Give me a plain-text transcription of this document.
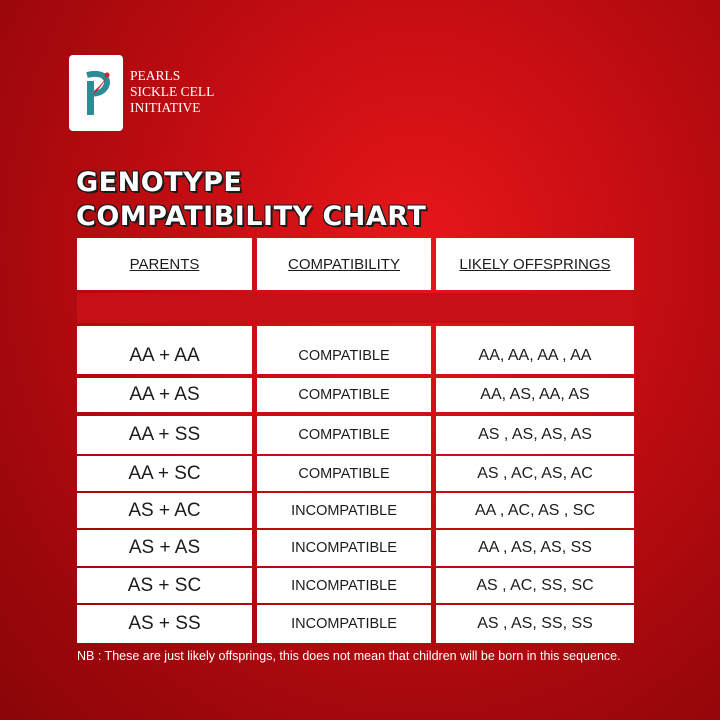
PEARLS
SICKLE CELL
INITIATIVE
GENOTYPE
COMPATIBILITY CHART
PARENTS	COMPATIBILITY	LIKELY OFFSPRINGS
AA + AA	COMPATIBLE	AA, AA, AA , AA
AA + AS	COMPATIBLE	AA, AS, AA, AS
AA + SS	COMPATIBLE	AS , AS, AS, AS
AA + SC	COMPATIBLE	AS , AC, AS, AC
AS + AC	INCOMPATIBLE	AA , AC, AS , SC
AS + AS	INCOMPATIBLE	AA , AS, AS, SS
AS + SC	INCOMPATIBLE	AS , AC, SS, SC
AS + SS	INCOMPATIBLE	AS , AS, SS, SS
NB : These are just likely offsprings, this does not mean that children will be born in this sequence.
